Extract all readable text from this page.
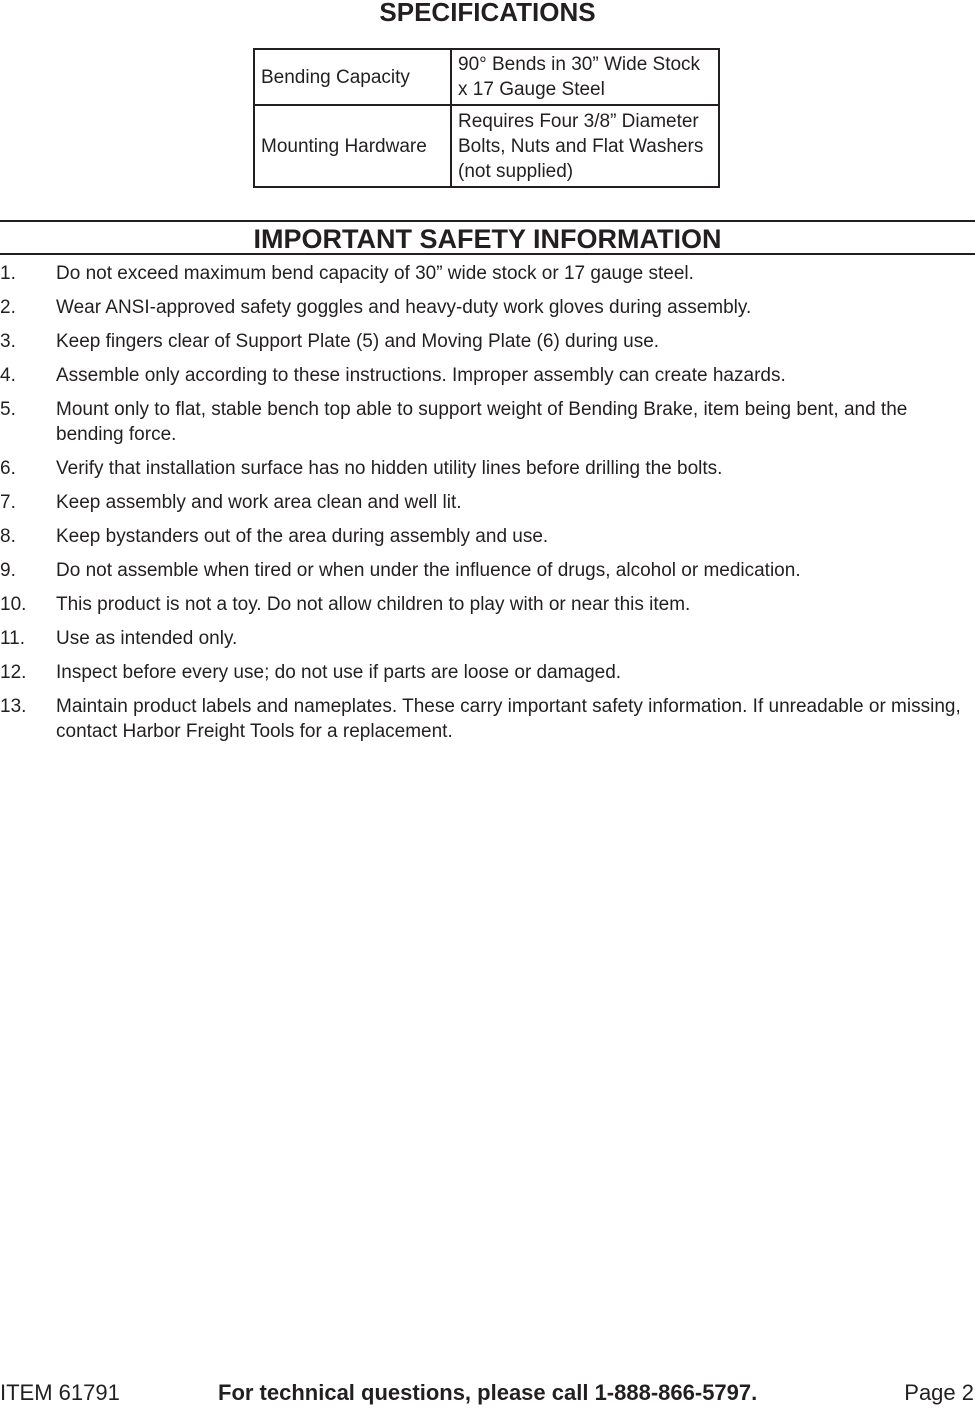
SPECIFICATIONS
Bending Capacity	90° Bends in 30” Wide Stock x 17 Gauge Steel
Mounting Hardware	Requires Four 3/8” Diameter Bolts, Nuts and Flat Washers (not supplied)
IMPORTANT SAFETY INFORMATION
1. Do not exceed maximum bend capacity of 30” wide stock or 17 gauge steel.
2. Wear ANSI-approved safety goggles and heavy-duty work gloves during assembly.
3. Keep fingers clear of Support Plate (5) and Moving Plate (6) during use.
4. Assemble only according to these instructions. Improper assembly can create hazards.
5. Mount only to flat, stable bench top able to support weight of Bending Brake, item being bent, and the bending force.
6. Verify that installation surface has no hidden utility lines before drilling the bolts.
7. Keep assembly and work area clean and well lit.
8. Keep bystanders out of the area during assembly and use.
9. Do not assemble when tired or when under the influence of drugs, alcohol or medication.
10. This product is not a toy. Do not allow children to play with or near this item.
11. Use as intended only.
12. Inspect before every use; do not use if parts are loose or damaged.
13. Maintain product labels and nameplates. These carry important safety information. If unreadable or missing, contact Harbor Freight Tools for a replacement.
ITEM 61791	For technical questions, please call 1-888-866-5797.	Page 2
